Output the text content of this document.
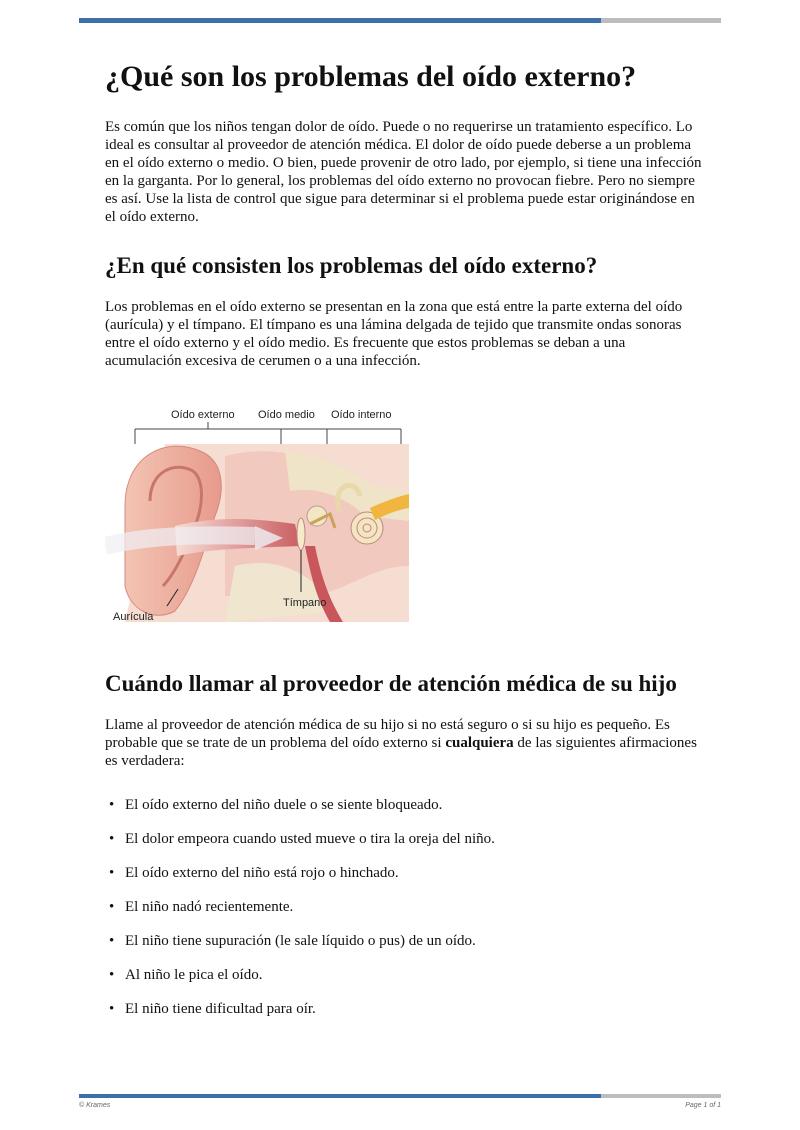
¿Qué son los problemas del oído externo?

Es común que los niños tengan dolor de oído. Puede o no requerirse un tratamiento específico. Lo ideal es consultar al proveedor de atención médica. El dolor de oído puede deberse a un problema en el oído externo o medio. O bien, puede provenir de otro lado, por ejemplo, si tiene una infección en la garganta. Por lo general, los problemas del oído externo no provocan fiebre. Pero no siempre es así. Use la lista de control que sigue para determinar si el problema puede estar originándose en el oído externo.

¿En qué consisten los problemas del oído externo?

Los problemas en el oído externo se presentan en la zona que está entre la parte externa del oído (aurícula) y el tímpano. El tímpano es una lámina delgada de tejido que transmite ondas sonoras entre el oído externo y el oído medio. Es frecuente que estos problemas se deban a una acumulación excesiva de cerumen o a una infección.

Oído externo Oído medio Oído interno
Aurícula
Tímpano
Cuándo llamar al proveedor de atención médica de su hijo

Llame al proveedor de atención médica de su hijo si no está seguro o si su hijo es pequeño. Es probable que se trate de un problema del oído externo si cualquiera de las siguientes afirmaciones es verdadera:

• El oído externo del niño duele o se siente bloqueado.
• El dolor empeora cuando usted mueve o tira la oreja del niño.
• El oído externo del niño está rojo o hinchado.
• El niño nadó recientemente.
• El niño tiene supuración (le sale líquido o pus) de un oído.
• Al niño le pica el oído.
• El niño tiene dificultad para oír.
© Krames	Page 1 of 1
